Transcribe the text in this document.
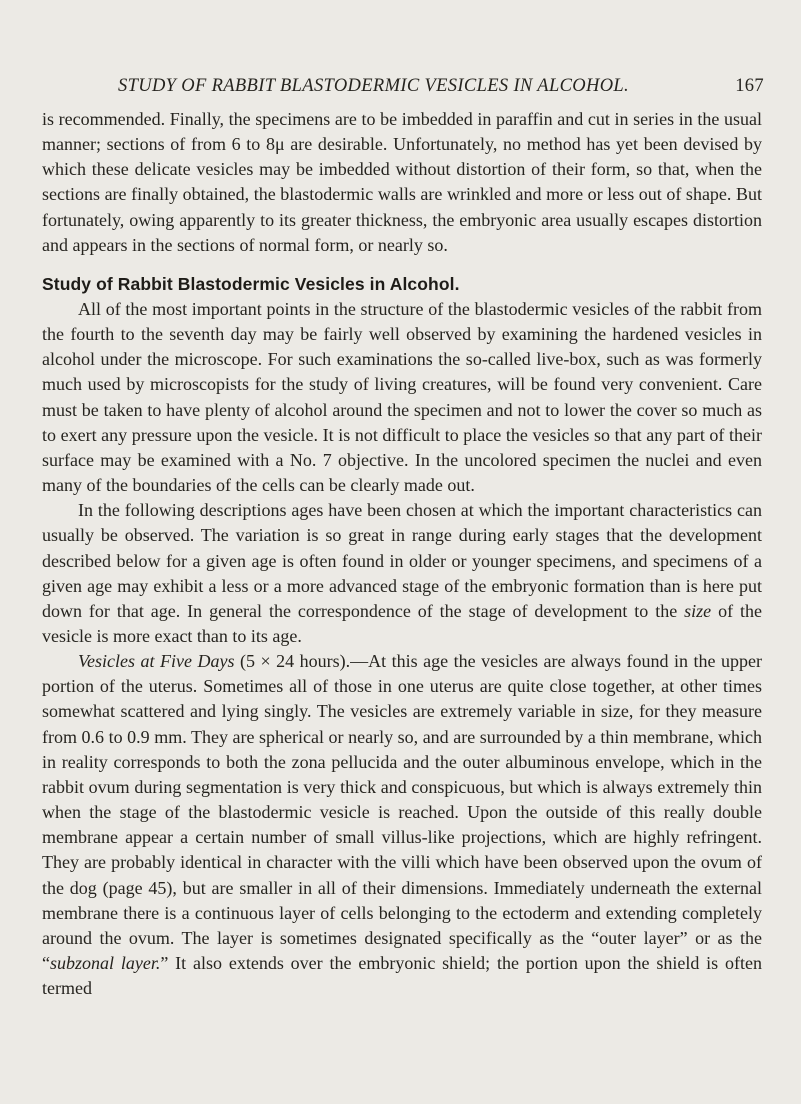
STUDY OF RABBIT BLASTODERMIC VESICLES IN ALCOHOL.	167

is recommended. Finally, the specimens are to be imbedded in paraffin and cut in series in the usual manner; sections of from 6 to 8μ are desirable. Unfortunately, no method has yet been devised by which these delicate vesicles may be imbedded without distortion of their form, so that, when the sections are finally obtained, the blastodermic walls are wrinkled and more or less out of shape. But fortunately, owing apparently to its greater thickness, the embryonic area usually escapes distortion and appears in the sections of normal form, or nearly so.

Study of Rabbit Blastodermic Vesicles in Alcohol.

All of the most important points in the structure of the blastodermic vesicles of the rabbit from the fourth to the seventh day may be fairly well observed by examining the hardened vesicles in alcohol under the microscope. For such examinations the so-called live-box, such as was formerly much used by microscopists for the study of living creatures, will be found very convenient. Care must be taken to have plenty of alcohol around the specimen and not to lower the cover so much as to exert any pressure upon the vesicle. It is not difficult to place the vesicles so that any part of their surface may be examined with a No. 7 objective. In the uncolored specimen the nuclei and even many of the boundaries of the cells can be clearly made out.

In the following descriptions ages have been chosen at which the important characteristics can usually be observed. The variation is so great in range during early stages that the development described below for a given age is often found in older or younger specimens, and specimens of a given age may exhibit a less or a more advanced stage of the embryonic formation than is here put down for that age. In general the correspondence of the stage of development to the size of the vesicle is more exact than to its age.

Vesicles at Five Days (5 × 24 hours).—At this age the vesicles are always found in the upper portion of the uterus. Sometimes all of those in one uterus are quite close together, at other times somewhat scattered and lying singly. The vesicles are extremely variable in size, for they measure from 0.6 to 0.9 mm. They are spherical or nearly so, and are surrounded by a thin membrane, which in reality corresponds to both the zona pellucida and the outer albuminous envelope, which in the rabbit ovum during segmentation is very thick and conspicuous, but which is always extremely thin when the stage of the blastodermic vesicle is reached. Upon the outside of this really double membrane appear a certain number of small villus-like projections, which are highly refringent. They are probably identical in character with the villi which have been observed upon the ovum of the dog (page 45), but are smaller in all of their dimensions. Immediately underneath the external membrane there is a continuous layer of cells belonging to the ectoderm and extending completely around the ovum. The layer is sometimes designated specifically as the “outer layer” or as the “subzonal layer.” It also extends over the embryonic shield; the portion upon the shield is often termed
